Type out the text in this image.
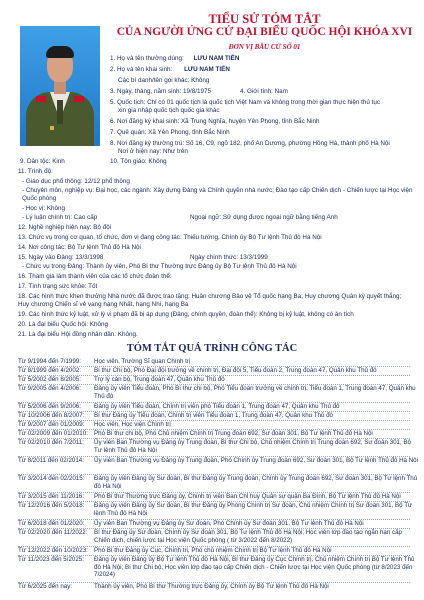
TIỂU SỬ TÓM TẮT
CỦA NGƯỜI ỨNG CỬ ĐẠI BIỂU QUỐC HỘI KHÓA XVI
ĐƠN VỊ BẦU CỬ SỐ 01
1. Họ và tên thường dùng: LƯU NAM TIẾN
2. Họ và tên khai sinh: LƯU NAM TIẾN
Các bí danh/tên gọi khác: Không
3. Ngày, tháng, năm sinh: 19/8/1975	4. Giới tính: Nam
5. Quốc tịch: Chỉ có 01 quốc tịch là quốc tịch Việt Nam và không trong thời gian thực hiện thủ tục
xin gia nhập quốc tịch quốc gia khác
6. Nơi đăng ký khai sinh: Xã Trung Nghĩa, huyện Yên Phong, tỉnh Bắc Ninh
7. Quê quán: Xã Yên Phong, tỉnh Bắc Ninh
8. Nơi đăng ký thường trú: Số 16, C9, ngõ 182, phố An Dương, phường Hồng Hà, thành phố Hà Nội
Nơi ở hiện nay: Như trên
9. Dân tộc: Kinh	10. Tôn giáo: Không
11. Trình độ:
- Giáo dục phổ thông: 12/12 phổ thông
- Chuyên môn, nghiệp vụ: Đại học, các ngành: Xây dựng Đảng và Chính quyền nhà nước; Đào tạo cấp Chiến dịch - Chiến lược tại Học viện Quốc phòng
- Học vị: Không
- Lý luận chính trị: Cao cấp	Ngoại ngữ: Sử dụng được ngoại ngữ bằng tiếng Anh
12. Nghề nghiệp hiện nay: Bộ đội
13. Chức vụ trong cơ quan, tổ chức, đơn vị đang công tác: Thiếu tướng, Chính ủy Bộ Tư lệnh Thủ đô Hà Nội
14. Nơi công tác: Bộ Tư lệnh Thủ đô Hà Nội
15. Ngày vào Đảng: 13/3/1998	Ngày chính thức: 13/3/1999
- Chức vụ trong Đảng: Thành ủy viên, Phó Bí thư Thường trực Đảng ủy Bộ Tư lệnh Thủ đô Hà Nội
16. Tham gia làm thành viên của các tổ chức đoàn thể:
17. Tình trạng sức khỏe: Tốt
18. Các hình thức khen thưởng Nhà nước đã được trao tặng: Huân chương Bảo vệ Tổ quốc hạng Ba; Huy chương Quân kỳ quyết thắng; Huy chương Chiến sĩ vẻ vang hạng Nhất, hạng Nhì, hạng Ba
19. Các hình thức kỷ luật, xử lý vi phạm đã bị áp dụng (Đảng, chính quyền, đoàn thể): Không bị kỷ luật, không có án tích
20. Là đại biểu Quốc hội: Không
21. Là đại biểu Hội đồng nhân dân: Không.
TÓM TẮT QUÁ TRÌNH CÔNG TÁC
Từ 9/1994 đến 7/1999:	Học viên, Trường Sĩ quan Chính trị
Từ 8/1999 đến 4/2002:	Bí thư Chi bộ, Phó Đại đội trưởng về chính trị, Đại đội 5, Tiểu đoàn 2, Trung đoàn 47, Quân khu Thủ đô
Từ 5/2002 đến 8/2005:	Trợ lý cán bộ, Trung đoàn 47, Quân khu Thủ đô
Từ 9/2005 đến 4/2006:	Đảng ủy viên Tiểu đoàn, Phó Bí thư chi bộ, Phó Tiểu đoàn trưởng về chính trị, Tiểu đoàn 1, Trung đoàn 47, Quân khu Thủ đô
Từ 5/2006 đến 9/2006:	Đảng ủy viên Tiểu đoàn, Chính trị viên phó Tiểu đoàn 1, Trung đoàn 47, Quân khu Thủ đô
Từ 10/2006 đến 8/2007:	Bí thư Đảng ủy Tiểu đoàn, Chính trị viên Tiểu đoàn 1, Trung đoàn 47, Quân khu Thủ đô
Từ 9/2007 đến 01/2009:	Học viên, Học viện Chính trị
Từ 02/2009 đến 01/2010: Phó Bí thư chi bộ, Phó Chủ nhiệm Chính trị Trung đoàn 692, Sư đoàn 301, Bộ Tư lệnh Thủ đô Hà Nội
Từ 02/2010 đến 7/2011:	Ủy viên Ban Thường vụ Đảng ủy Trung đoàn, Bí thư Chi bộ, Chủ nhiệm Chính trị Trung đoàn 692, Sư đoàn 301, Bộ Tư lệnh Thủ đô Hà Nội
Từ 8/2011 đến 02/2014:	Ủy viên Ban Thường vụ Đảng ủy Trung đoàn, Phó Chính ủy Trung đoàn 692, Sư đoàn 301, Bộ Tư lệnh Thủ đô Hà Nội
Từ 3/2014 đến 02/2015:	Đảng ủy viên Đảng ủy Sư đoàn, Bí thư Đảng ủy Trung đoàn, Chính ủy Trung đoàn 692, Sư đoàn 301, Bộ Tư lệnh Thủ đô Hà Nội
Từ 3/2015 đến 11/2016:	Phó Bí thư Thường trực Đảng ủy, Chính trị viên Ban Chỉ huy Quân sự quận Ba Đình, Bộ Tư lệnh Thủ đô Hà Nội
Từ 12/2016 đến 5/2018:	Đảng ủy viên Đảng ủy Sư đoàn, Bí thư Đảng ủy Phòng Chính trị Sư đoàn, Chủ nhiệm Chính trị Sư đoàn 301, Bộ Tư lệnh Thủ đô Hà Nội
Từ 6/2018 đến 01/2020:	Ủy viên Ban Thường vụ Đảng ủy Sư đoàn, Phó Chính ủy Sư đoàn 301, Bộ Tư lệnh Thủ đô Hà Nội
Từ 02/2020 đến 11/2022:	Bí thư Đảng ủy Sư đoàn, Chính ủy Sư đoàn 301, Bộ Tư lệnh Thủ đô Hà Nội; Học viên lớp đào tạo ngắn hạn cấp Chiến dịch, chiến lược tại Học viện Quốc phòng ( từ 3/2022 đến 8/2022)
Từ 12/2022 đến 10/2023: Phó Bí thư Đảng ủy Cục, Chính trị, Phó chủ nhiệm Chính trị Bộ Tư lệnh Thủ đô Hà Nội
Từ 11/2023 đến 5/2025:	Đảng ủy viên Đảng ủy Bộ Tư lệnh Thủ đô Hà Nội, Bí thư Đảng ủy Cục Chính trị, Chủ nhiệm Chính trị Bộ Tư lệnh Thủ đô Hà Nội; Bí thư Chi bộ, Học viên lớp đào tạo cấp Chiến dịch - Chiến lược tại Học viện Quốc phòng (từ 8/2023 đến 7/2024)
Từ 6/2025 đến nay:	Thành ủy viên, Phó Bí thư Thường trực Đảng ủy, Chính ủy Bộ Tư lệnh Thủ đô Hà Nội
